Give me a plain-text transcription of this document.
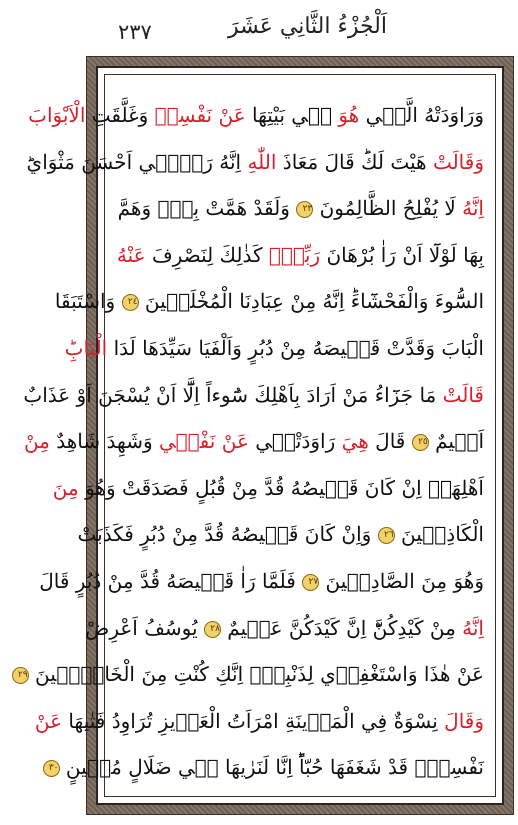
اَلْجُزْءُ الثَّانِي عَشَرَ
٢٣٧
وَرَاوَدَتْهُ الَّت۪ي هُوَ ف۪ي بَيْتِهَا عَنْ نَفْسِه۪ وَغَلَّقَتِ الْاَبْوَابَ
وَقَالَتْ هَيْتَ لَكَؕ قَالَ مَعَاذَ اللّٰهِ اِنَّهُ رَبّ۪ٓي اَحْسَنَ مَثْوَايَؕ
اِنَّهُ لَا يُفْلِحُ الظَّالِمُونَ ٢٣ وَلَقَدْ هَمَّتْ بِه۪ۚ وَهَمَّ
بِهَا لَوْلَٓا اَنْ رَاٰ بُرْهَانَ رَبِّه۪ؕ كَذٰلِكَ لِنَصْرِفَ عَنْهُ
السُّٓوءَ وَالْفَحْشَٓاءَؕ اِنَّهُ مِنْ عِبَادِنَا الْمُخْلَص۪ينَ ٢٤ وَاسْتَبَقَا
الْبَابَ وَقَدَّتْ قَم۪يصَهُ مِنْ دُبُرٍ وَاَلْفَيَا سَيِّدَهَا لَدَا الْبَابِؕ
قَالَتْ مَا جَزَٓاءُ مَنْ اَرَادَ بِاَهْلِكَ سُٓوءاً اِلَّٓا اَنْ يُسْجَنَ اَوْ عَذَابٌ
اَل۪يمٌ ٢٥ قَالَ هِيَ رَاوَدَتْن۪ي عَنْ نَفْس۪ي وَشَهِدَ شَاهِدٌ مِنْ
اَهْلِهَاۚ اِنْ كَانَ قَم۪يصُهُ قُدَّ مِنْ قُبُلٍ فَصَدَقَتْ وَهُوَ مِنَ
الْكَاذِب۪ينَ ٢٦ وَاِنْ كَانَ قَم۪يصُهُ قُدَّ مِنْ دُبُرٍ فَكَذَبَتْ
وَهُوَ مِنَ الصَّادِق۪ينَ ٢٧ فَلَمَّا رَاٰ قَم۪يصَهُ قُدَّ مِنْ دُبُرٍ قَالَ
اِنَّهُ مِنْ كَيْدِكُنَّؕ اِنَّ كَيْدَكُنَّ عَظ۪يمٌ ٢٨ يُوسُفُ اَعْرِضْ
عَنْ هٰذَا وَاسْتَغْفِر۪ي لِذَنْبِكِۚ اِنَّكِ كُنْتِ مِنَ الْخَاطِ۪ٔينَ ٢٩
وَقَالَ نِسْوَةٌ فِي الْمَد۪ينَةِ امْرَاَتُ الْعَز۪يزِ تُرَاوِدُ فَتٰيهَا عَنْ
نَفْسِه۪ۚ قَدْ شَغَفَهَا حُبّاًؕ اِنَّا لَنَرٰيهَا ف۪ي ضَلَالٍ مُب۪ينٍ ٣٠
